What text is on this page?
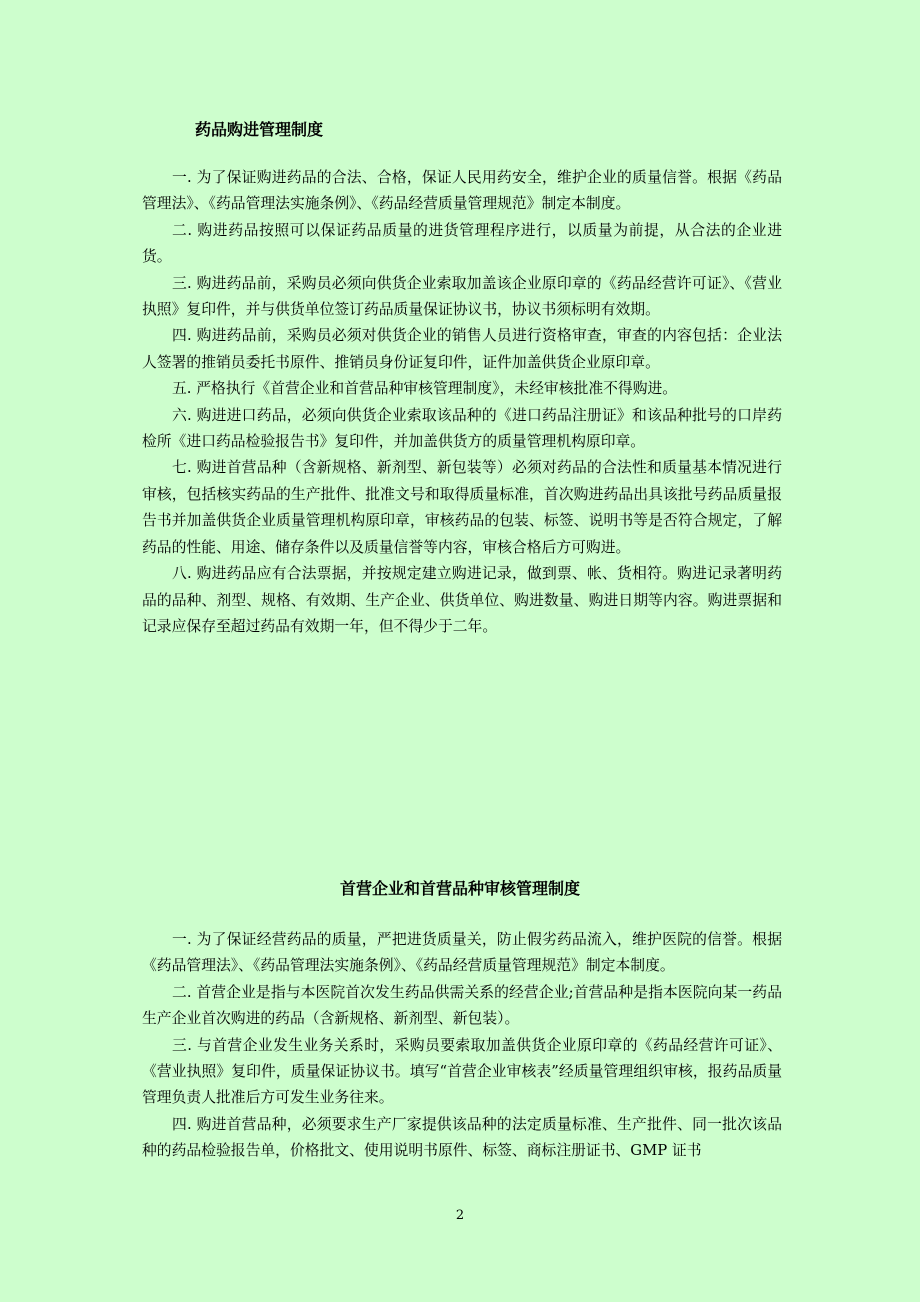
药品购进管理制度

一. 为了保证购进药品的合法、合格，保证人民用药安全，维护企业的质量信誉。根据《药品管理法》、《药品管理法实施条例》、《药品经营质量管理规范》制定本制度。

二. 购进药品按照可以保证药品质量的进货管理程序进行，以质量为前提，从合法的企业进货。

三. 购进药品前，采购员必须向供货企业索取加盖该企业原印章的《药品经营许可证》、《营业执照》复印件，并与供货单位签订药品质量保证协议书，协议书须标明有效期。

四. 购进药品前，采购员必须对供货企业的销售人员进行资格审查，审查的内容包括：企业法人签署的推销员委托书原件、推销员身份证复印件，证件加盖供货企业原印章。

五. 严格执行《首营企业和首营品种审核管理制度》，未经审核批准不得购进。

六. 购进进口药品，必须向供货企业索取该品种的《进口药品注册证》和该品种批号的口岸药检所《进口药品检验报告书》复印件，并加盖供货方的质量管理机构原印章。

七. 购进首营品种（含新规格、新剂型、新包装等）必须对药品的合法性和质量基本情况进行审核，包括核实药品的生产批件、批准文号和取得质量标准，首次购进药品出具该批号药品质量报告书并加盖供货企业质量管理机构原印章，审核药品的包装、标签、说明书等是否符合规定，了解药品的性能、用途、储存条件以及质量信誉等内容，审核合格后方可购进。

八. 购进药品应有合法票据，并按规定建立购进记录，做到票、帐、货相符。购进记录著明药品的品种、剂型、规格、有效期、生产企业、供货单位、购进数量、购进日期等内容。购进票据和记录应保存至超过药品有效期一年，但不得少于二年。

首营企业和首营品种审核管理制度

一. 为了保证经营药品的质量，严把进货质量关，防止假劣药品流入，维护医院的信誉。根据《药品管理法》、《药品管理法实施条例》、《药品经营质量管理规范》制定本制度。

二. 首营企业是指与本医院首次发生药品供需关系的经营企业;首营品种是指本医院向某一药品生产企业首次购进的药品（含新规格、新剂型、新包装）。

三. 与首营企业发生业务关系时，采购员要索取加盖供货企业原印章的《药品经营许可证》、《营业执照》复印件，质量保证协议书。填写“首营企业审核表”经质量管理组织审核，报药品质量管理负责人批准后方可发生业务往来。

四. 购进首营品种，必须要求生产厂家提供该品种的法定质量标准、生产批件、同一批次该品种的药品检验报告单，价格批文、使用说明书原件、标签、商标注册证书、GMP 证书

2
